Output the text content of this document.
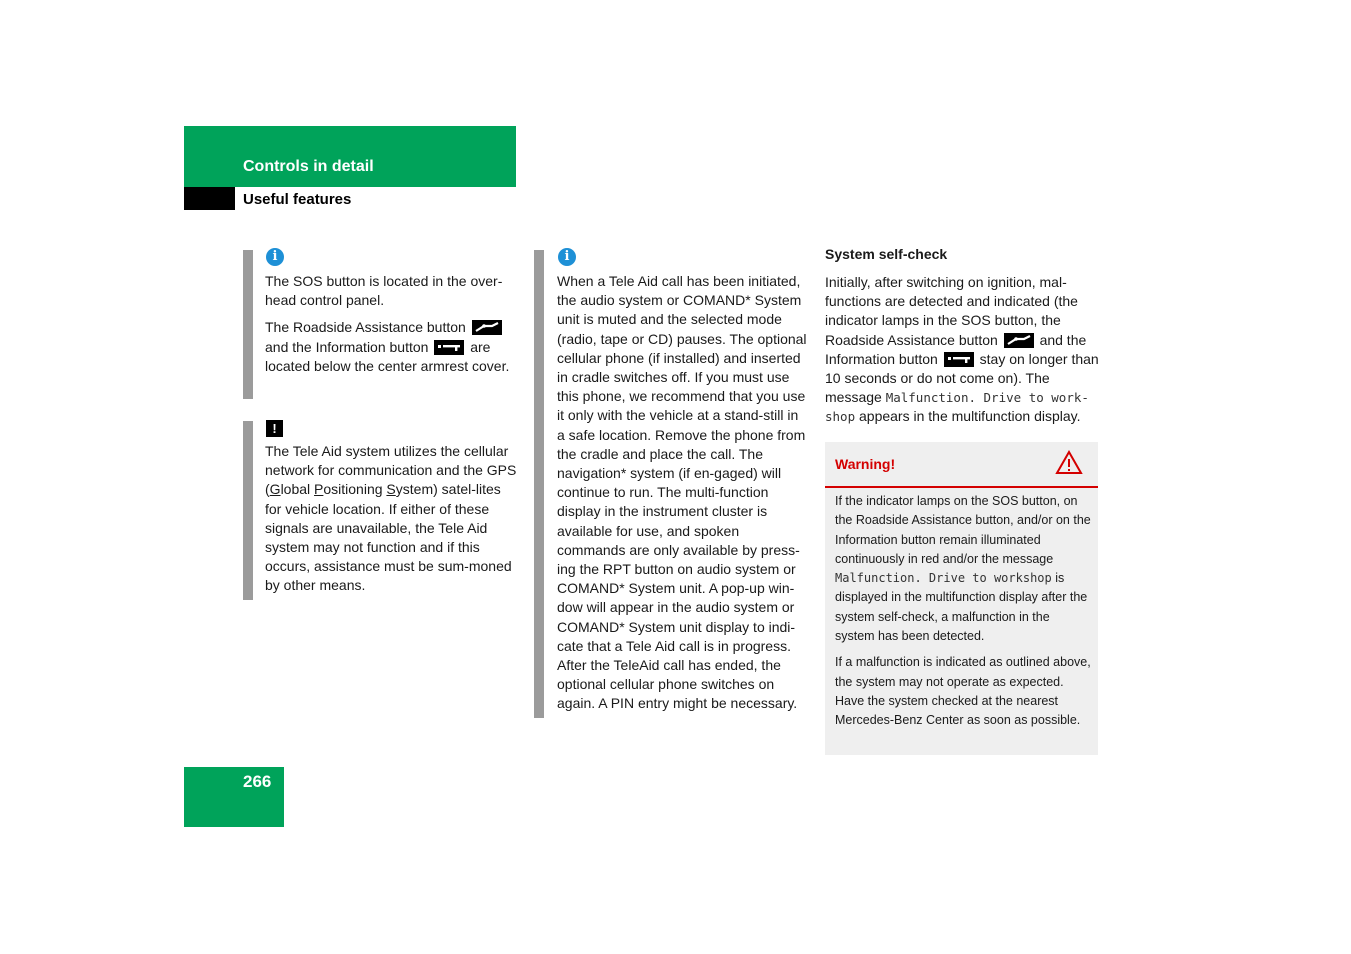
Controls in detail
Useful features
i

The SOS button is located in the over-head control panel.

The Roadside Assistance button
and the Information button	are located below the center armrest cover.

!

The Tele Aid system utilizes the cellular network for communication and the GPS (Global Positioning System) satel-lites for vehicle location. If either of these signals are unavailable, the Tele Aid system may not function and if this occurs, assistance must be sum-moned by other means.

i

When a Tele Aid call has been initiated, the audio system or COMAND* System unit is muted and the selected mode (radio, tape or CD) pauses. The optional cellular phone (if installed) and inserted in cradle switches off. If you must use this phone, we recommend that you use it only with the vehicle at a stand-still in a safe location. Remove the phone from the cradle and place the call. The navigation* system (if en-gaged) will continue to run. The multi-function display in the instrument cluster is available for use, and spoken commands are only available by press-ing the RPT button on audio system or COMAND* System unit. A pop-up win-dow will appear in the audio system or COMAND* System unit display to indi-cate that a Tele Aid call is in progress. After the TeleAid call has ended, the optional cellular phone switches on again. A PIN entry might be necessary.

System self-check

Initially, after switching on ignition, mal-functions are detected and indicated (the indicator lamps in the SOS button, the Roadside Assistance button	and the Information button	stay on longer than 10 seconds or do not come on). The message Malfunction. Drive to work-shop appears in the multifunction display.

Warning!

If the indicator lamps on the SOS button, on the Roadside Assistance button, and/or on the Information button remain illuminated continuously in red and/or the message Malfunction. Drive to workshop is displayed in the multifunction display after the system self-check, a malfunction in the system has been detected.

If a malfunction is indicated as outlined above, the system may not operate as expected. Have the system checked at the nearest Mercedes-Benz Center as soon as possible.

266
